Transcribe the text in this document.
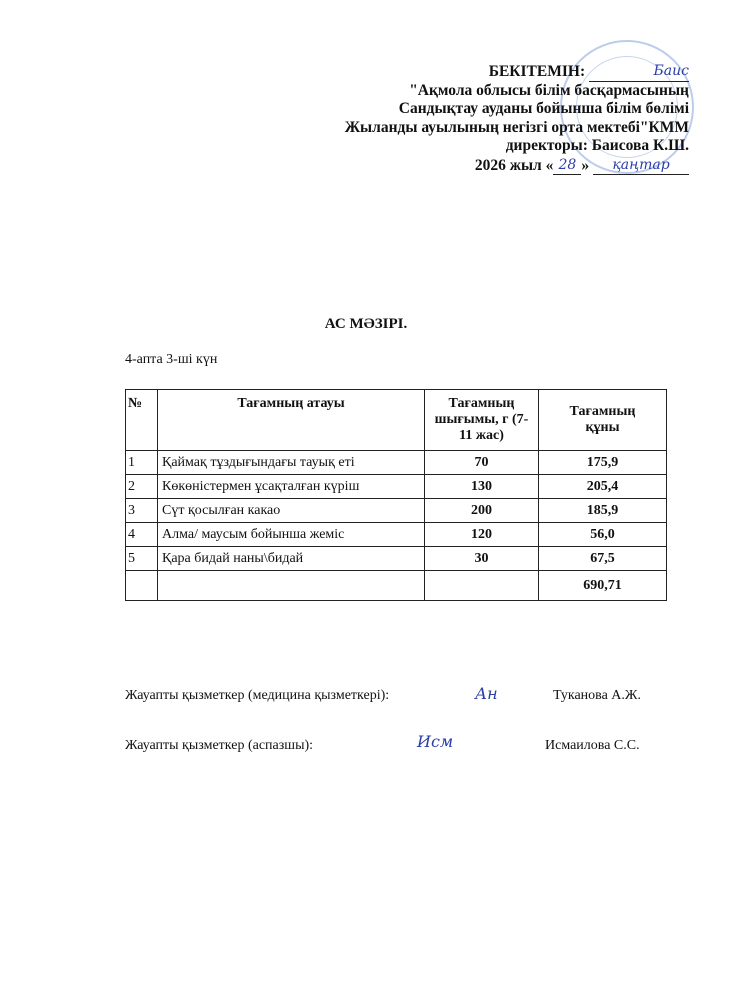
БЕКІТЕМІН:	Баис
"Ақмола облысы білім басқармасының
Сандықтау ауданы бойынша білім бөлімі
Жыланды ауылының негізгі орта мектебі"КММ
директоры: Баисова К.Ш.
2026 жыл « 28 » қаңтар
АС МӘЗІРІ.
4-апта 3-ші күн
№	Тағамның атауы	Тағамның шығымы, г (7-11 жас)	Тағамның құны
1	Қаймақ тұздығындағы тауық еті	70	175,9
2	Көкөністермен ұсақталған күріш	130	205,4
3	Сүт қосылған какао	200	185,9
4	Алма/ маусым бойынша жеміс	120	56,0
5	Қара бидай наны\бидай	30	67,5
			690,71
Жауапты қызметкер (медицина қызметкері):	Ан	Туканова А.Ж.
Жауапты қызметкер (аспазшы):	Исм	Исмаилова С.С.
